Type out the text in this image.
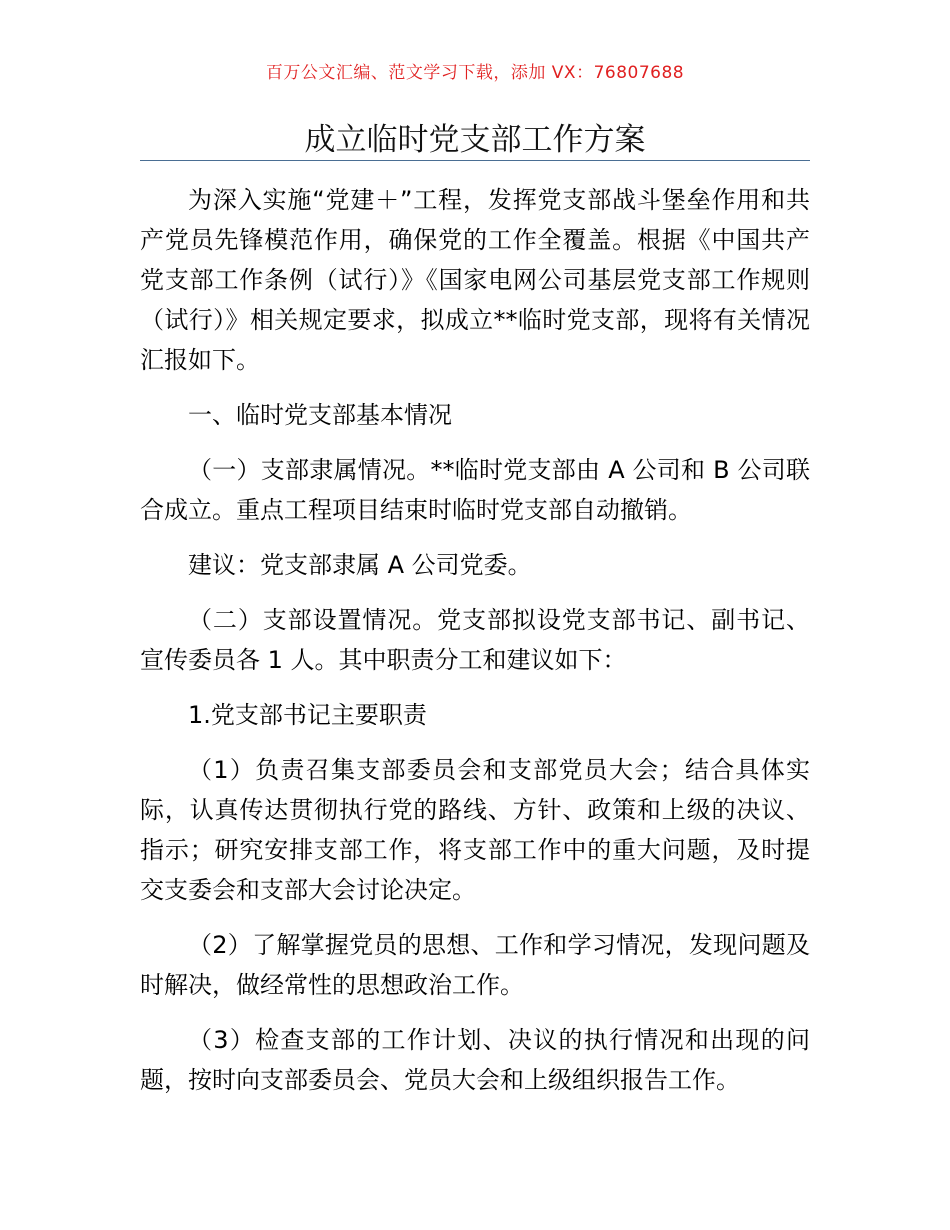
百万公文汇编、范文学习下载，添加 VX：76807688
成立临时党支部工作方案

为深入实施“党建＋”工程，发挥党支部战斗堡垒作用和共产党员先锋模范作用，确保党的工作全覆盖。根据《中国共产党支部工作条例（试行）》《国家电网公司基层党支部工作规则（试行）》相关规定要求，拟成立**临时党支部，现将有关情况汇报如下。

一、临时党支部基本情况

（一）支部隶属情况。**临时党支部由 A 公司和 B 公司联合成立。重点工程项目结束时临时党支部自动撤销。

建议：党支部隶属 A 公司党委。

（二）支部设置情况。党支部拟设党支部书记、副书记、宣传委员各 1 人。其中职责分工和建议如下：

1.党支部书记主要职责

（1）负责召集支部委员会和支部党员大会；结合具体实际，认真传达贯彻执行党的路线、方针、政策和上级的决议、指示；研究安排支部工作，将支部工作中的重大问题，及时提交支委会和支部大会讨论决定。

（2）了解掌握党员的思想、工作和学习情况，发现问题及时解决，做经常性的思想政治工作。

（3）检查支部的工作计划、决议的执行情况和出现的问题，按时向支部委员会、党员大会和上级组织报告工作。
